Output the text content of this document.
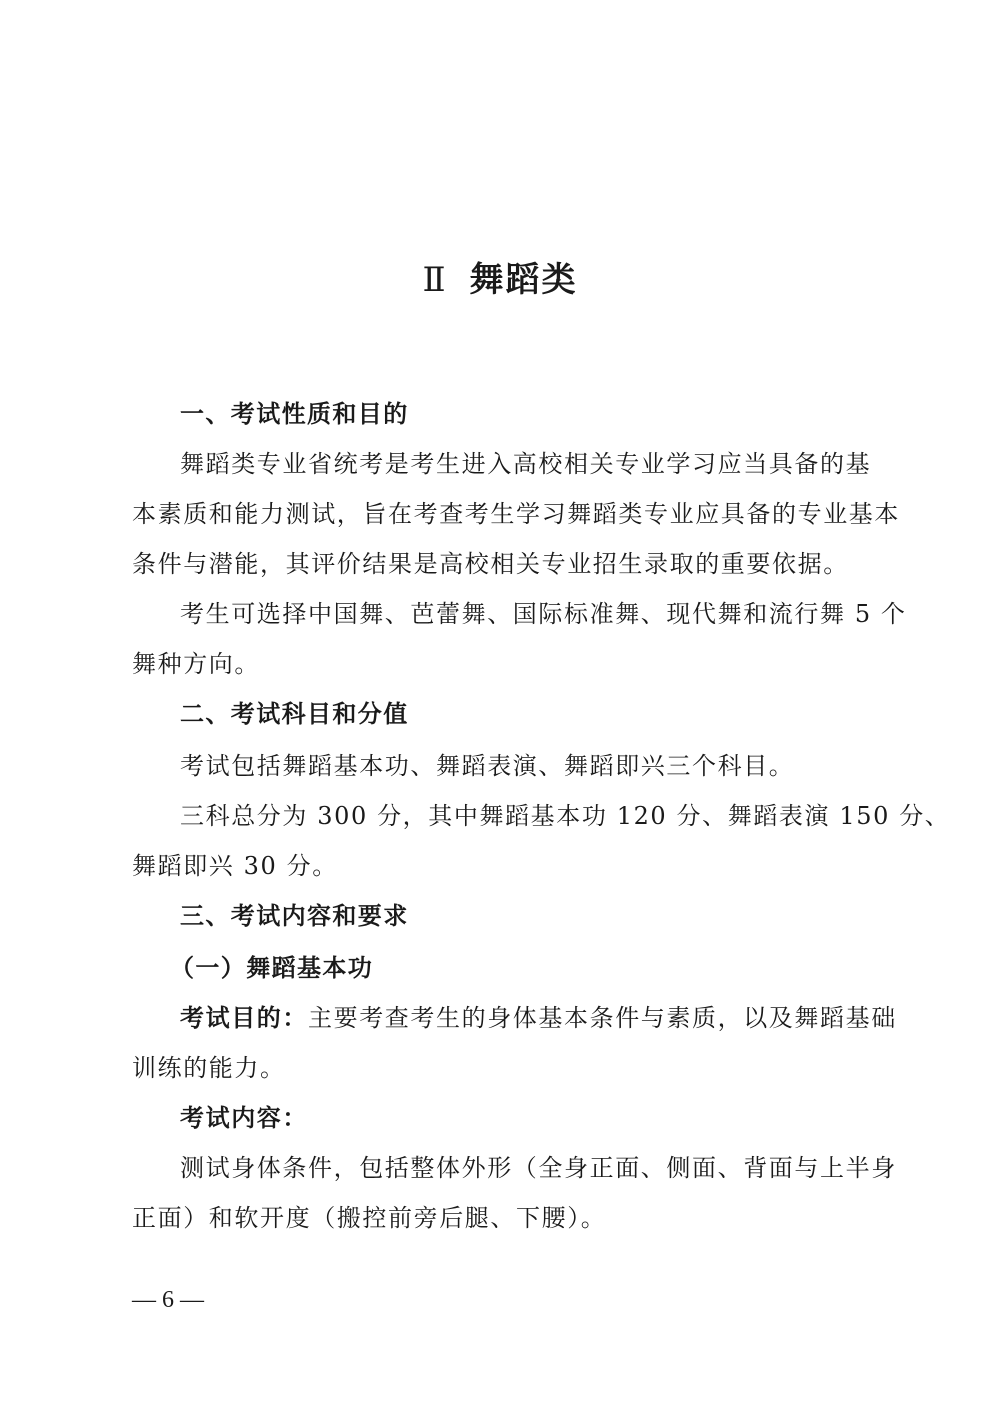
Ⅱ 舞蹈类
一、考试性质和目的
舞蹈类专业省统考是考生进入高校相关专业学习应当具备的基
本素质和能力测试，旨在考查考生学习舞蹈类专业应具备的专业基本
条件与潜能，其评价结果是高校相关专业招生录取的重要依据。
考生可选择中国舞、芭蕾舞、国际标准舞、现代舞和流行舞 5 个
舞种方向。
二、考试科目和分值
考试包括舞蹈基本功、舞蹈表演、舞蹈即兴三个科目。
三科总分为 300 分，其中舞蹈基本功 120 分、舞蹈表演 150 分、
舞蹈即兴 30 分。
三、考试内容和要求
（一）舞蹈基本功
考试目的：主要考查考生的身体基本条件与素质，以及舞蹈基础
训练的能力。
考试内容：
测试身体条件，包括整体外形（全身正面、侧面、背面与上半身
正面）和软开度（搬控前旁后腿、下腰）。
— 6 —
